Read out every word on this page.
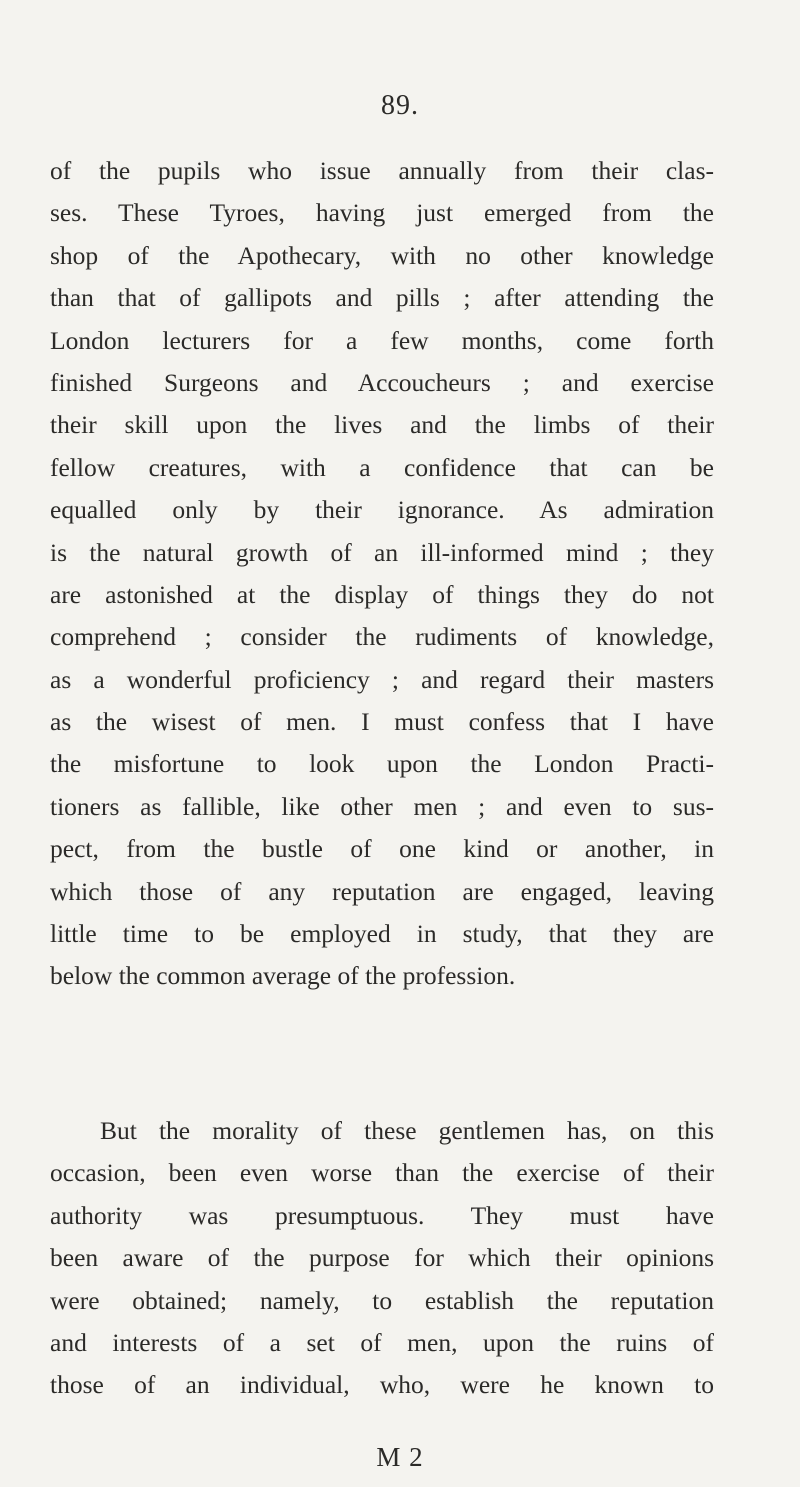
89.
of the pupils who issue annually from their clas-
ses. These Tyroes, having just emerged from the
shop of the Apothecary, with no other knowledge
than that of gallipots and pills ; after attending the
London lecturers for a few months, come forth
finished Surgeons and Accoucheurs ; and exercise
their skill upon the lives and the limbs of their
fellow creatures, with a confidence that can be
equalled only by their ignorance. As admiration
is the natural growth of an ill-informed mind ; they
are astonished at the display of things they do not
comprehend ; consider the rudiments of knowledge,
as a wonderful proficiency ; and regard their masters
as the wisest of men. I must confess that I have
the misfortune to look upon the London Practi-
tioners as fallible, like other men ; and even to sus-
pect, from the bustle of one kind or another, in
which those of any reputation are engaged, leaving
little time to be employed in study, that they are
below the common average of the profession.
But the morality of these gentlemen has, on this
occasion, been even worse than the exercise of their
authority was presumptuous. They must have
been aware of the purpose for which their opinions
were obtained; namely, to establish the reputation
and interests of a set of men, upon the ruins of
those of an individual, who, were he known to
M 2
